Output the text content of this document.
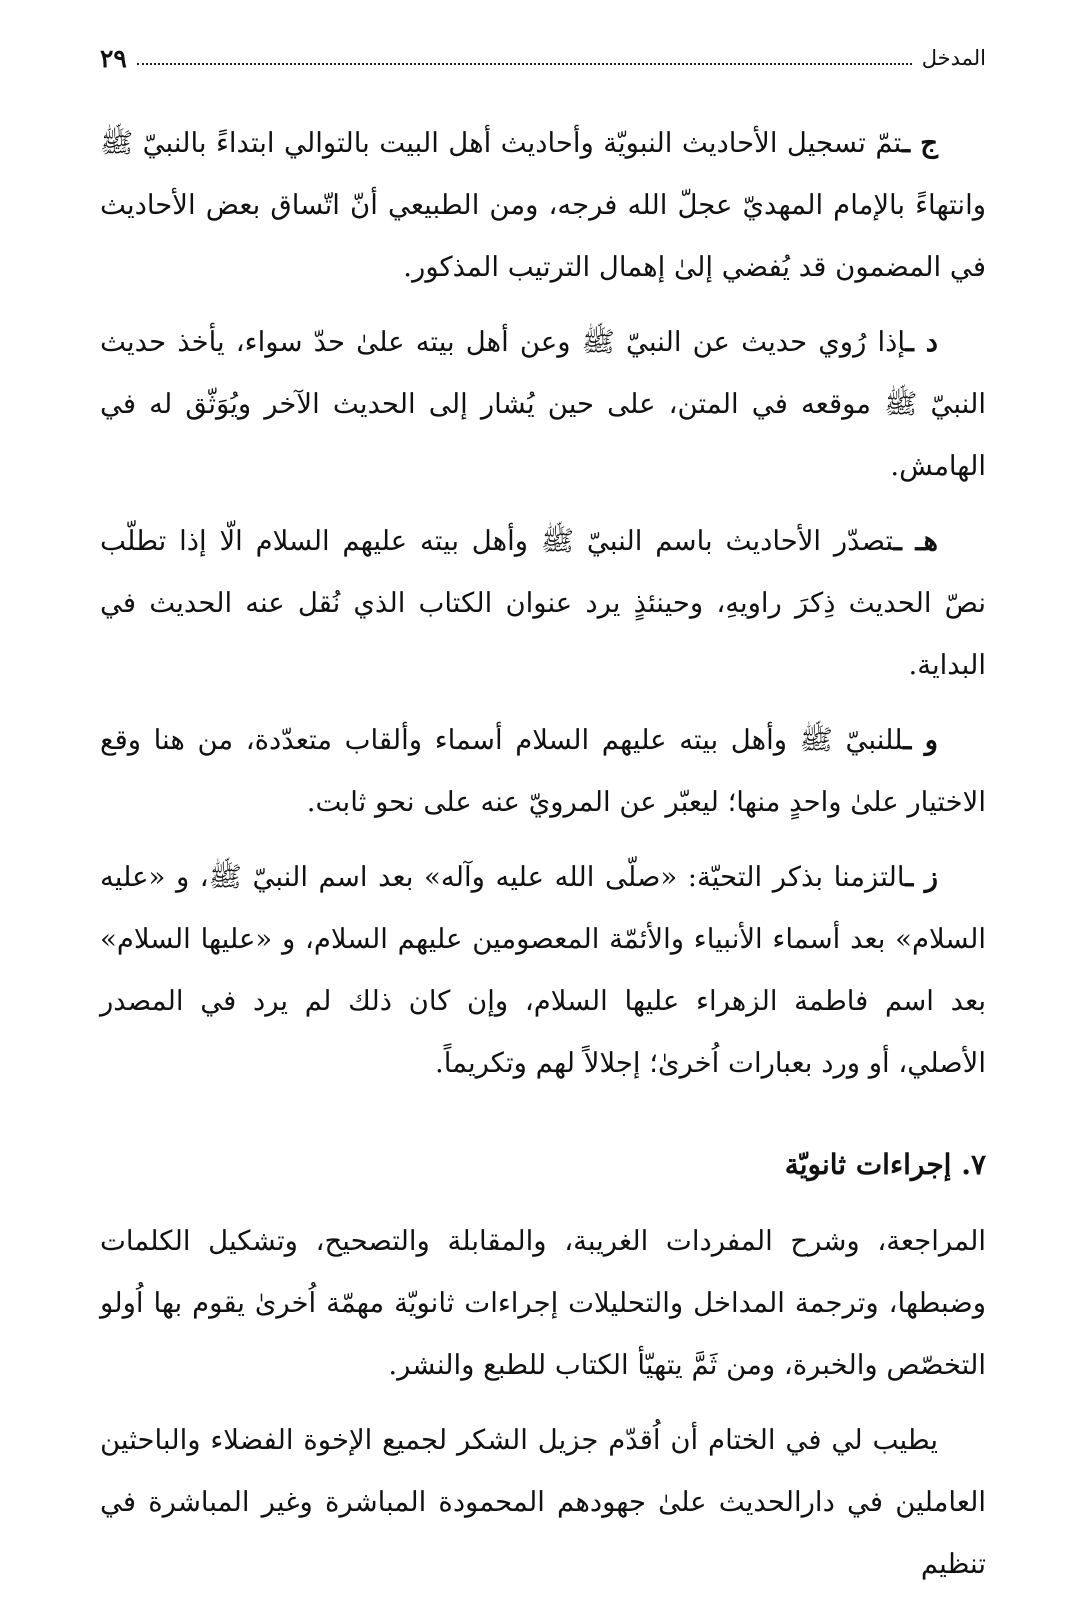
المدخل
٢٩

ج ـتمّ تسجيل الأحاديث النبويّة وأحاديث أهل البيت بالتوالي ابتداءً بالنبيّ ﷺ وانتهاءً بالإمام المهديّ عجلّ الله فرجه، ومن الطبيعي أنّ اتّساق بعض الأحاديث في المضمون قد يُفضي إلىٰ إهمال الترتيب المذكور.

د ـإذا رُوي حديث عن النبيّ ﷺ وعن أهل بيته علىٰ حدّ سواء، يأخذ حديث النبيّ ﷺ موقعه في المتن، على حين يُشار إلى الحديث الآخر ويُوَثّق له في الهامش.

هـ ـتصدّر الأحاديث باسم النبيّ ﷺ وأهل بيته عليهم السلام الّا إذا تطلّب نصّ الحديث ذِكرَ راويهِ، وحينئذٍ يرد عنوان الكتاب الذي نُقل عنه الحديث في البداية.

و ـللنبيّ ﷺ وأهل بيته عليهم السلام أسماء وألقاب متعدّدة، من هنا وقع الاختيار علىٰ واحدٍ منها؛ ليعبّر عن المرويّ عنه على نحو ثابت.

ز ـالتزمنا بذكر التحيّة: «صلّى الله عليه وآله» بعد اسم النبيّ ﷺ، و «عليه السلام» بعد أسماء الأنبياء والأئمّة المعصومين عليهم السلام، و «عليها السلام» بعد اسم فاطمة الزهراء عليها السلام، وإن كان ذلك لم يرد في المصدر الأصلي، أو ورد بعبارات اُخرىٰ؛ إجلالاً لهم وتكريماً.

٧. إجراءات ثانويّة

المراجعة، وشرح المفردات الغريبة، والمقابلة والتصحيح، وتشكيل الكلمات وضبطها، وترجمة المداخل والتحليلات إجراءات ثانويّة مهمّة اُخرىٰ يقوم بها اُولو التخصّص والخبرة، ومن ثَمَّ يتهيّأ الكتاب للطبع والنشر.

يطيب لي في الختام أن اُقدّم جزيل الشكر لجميع الإخوة الفضلاء والباحثين العاملين في دارالحديث علىٰ جهودهم المحمودة المباشرة وغير المباشرة في تنظيم
